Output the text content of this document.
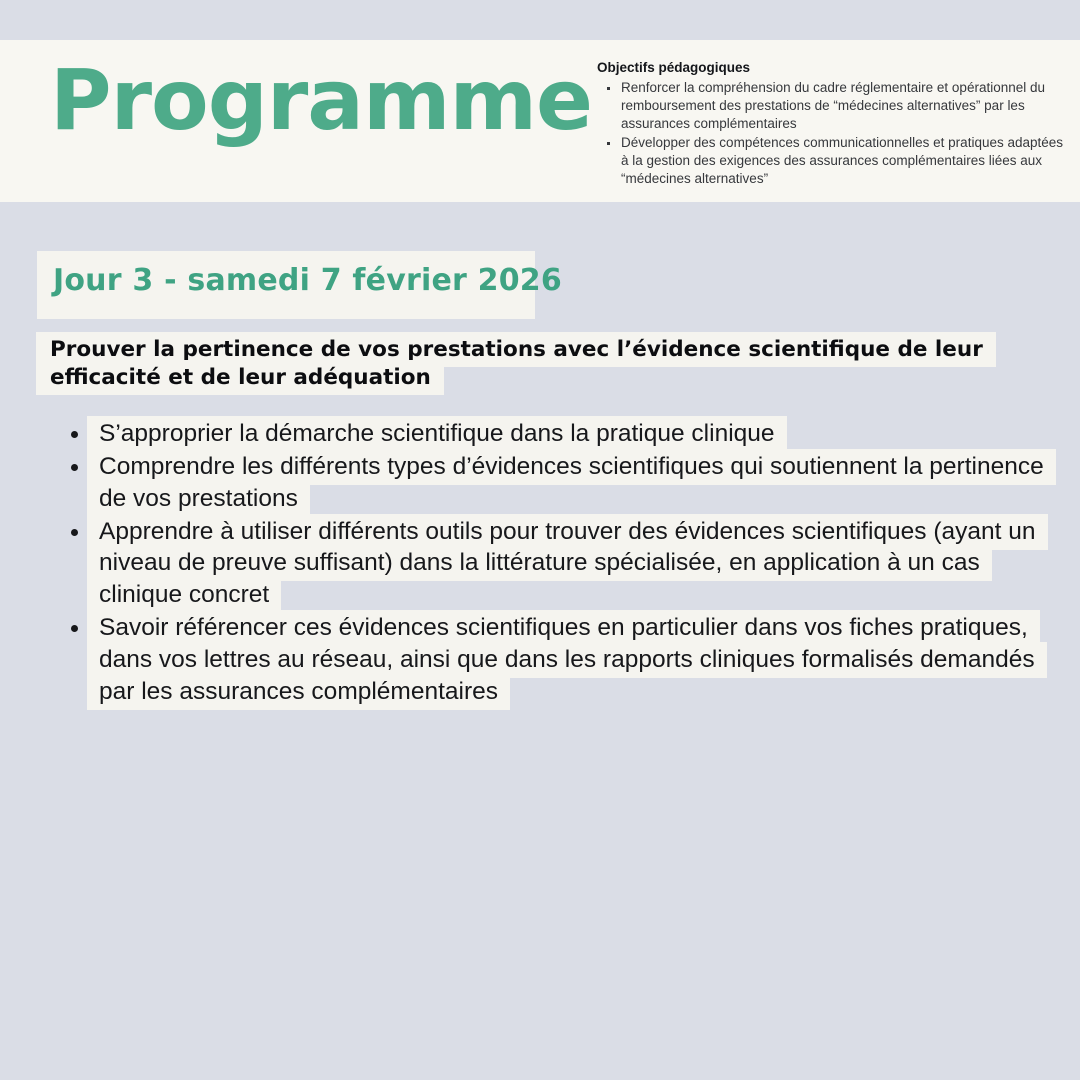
Programme Objectifs pédagogiques
Renforcer la compréhension du cadre réglementaire et opérationnel du remboursement des prestations de “médecines alternatives” par les assurances complémentaires
Développer des compétences communicationnelles et pratiques adaptées à la gestion des exigences des assurances complémentaires liées aux “médecines alternatives”
Jour 3 - samedi 7 février 2026
Prouver la pertinence de vos prestations avec l’évidence scientifique de leur efficacité et de leur adéquation
S’approprier la démarche scientifique dans la pratique clinique
Comprendre les différents types d’évidences scientifiques qui soutiennent la pertinence de vos prestations
Apprendre à utiliser différents outils pour trouver des évidences scientifiques (ayant un niveau de preuve suffisant) dans la littérature spécialisée, en application à un cas clinique concret
Savoir référencer ces évidences scientifiques en particulier dans vos fiches pratiques, dans vos lettres au réseau, ainsi que dans les rapports cliniques formalisés demandés par les assurances complémentaires
